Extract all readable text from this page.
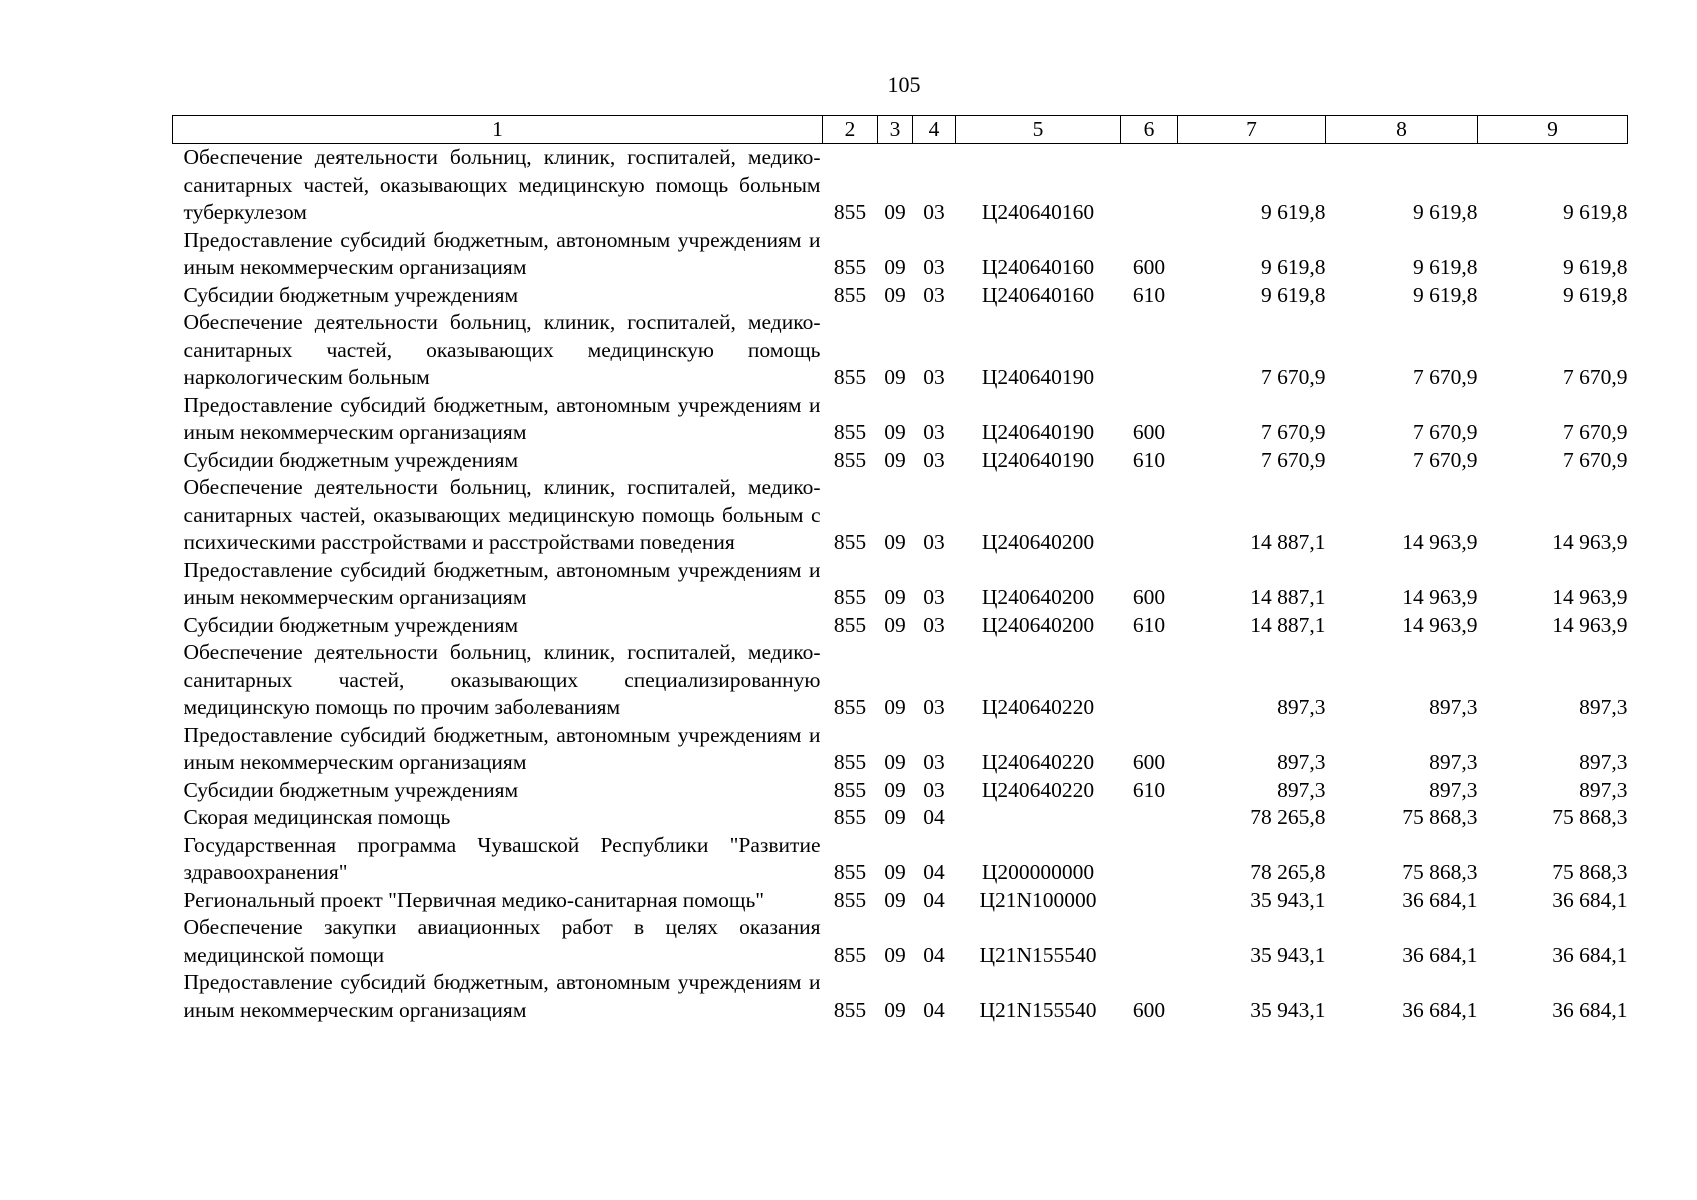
105
1	2	3	4	5	6	7	8	9
Обеспечение деятельности больниц, клиник, госпиталей, медико-санитарных частей, оказывающих медицинскую помощь больным туберкулезом	855	09	03	Ц240640160		9 619,8	9 619,8	9 619,8
Предоставление субсидий бюджетным, автономным учреждениям и иным некоммерческим организациям	855	09	03	Ц240640160	600	9 619,8	9 619,8	9 619,8
Субсидии бюджетным учреждениям	855	09	03	Ц240640160	610	9 619,8	9 619,8	9 619,8
Обеспечение деятельности больниц, клиник, госпиталей, медико-санитарных частей, оказывающих медицинскую помощь наркологическим больным	855	09	03	Ц240640190		7 670,9	7 670,9	7 670,9
Предоставление субсидий бюджетным, автономным учреждениям и иным некоммерческим организациям	855	09	03	Ц240640190	600	7 670,9	7 670,9	7 670,9
Субсидии бюджетным учреждениям	855	09	03	Ц240640190	610	7 670,9	7 670,9	7 670,9
Обеспечение деятельности больниц, клиник, госпиталей, медико-санитарных частей, оказывающих медицинскую помощь больным с психическими расстройствами и расстройствами поведения	855	09	03	Ц240640200		14 887,1	14 963,9	14 963,9
Предоставление субсидий бюджетным, автономным учреждениям и иным некоммерческим организациям	855	09	03	Ц240640200	600	14 887,1	14 963,9	14 963,9
Субсидии бюджетным учреждениям	855	09	03	Ц240640200	610	14 887,1	14 963,9	14 963,9
Обеспечение деятельности больниц, клиник, госпиталей, медико-санитарных частей, оказывающих специализированную медицинскую помощь по прочим заболеваниям	855	09	03	Ц240640220		897,3	897,3	897,3
Предоставление субсидий бюджетным, автономным учреждениям и иным некоммерческим организациям	855	09	03	Ц240640220	600	897,3	897,3	897,3
Субсидии бюджетным учреждениям	855	09	03	Ц240640220	610	897,3	897,3	897,3
Скорая медицинская помощь	855	09	04			78 265,8	75 868,3	75 868,3
Государственная программа Чувашской Республики "Развитие здравоохранения"	855	09	04	Ц200000000		78 265,8	75 868,3	75 868,3
Региональный проект "Первичная медико-санитарная помощь"	855	09	04	Ц21N100000		35 943,1	36 684,1	36 684,1
Обеспечение закупки авиационных работ в целях оказания медицинской помощи	855	09	04	Ц21N155540		35 943,1	36 684,1	36 684,1
Предоставление субсидий бюджетным, автономным учреждениям и иным некоммерческим организациям	855	09	04	Ц21N155540	600	35 943,1	36 684,1	36 684,1
